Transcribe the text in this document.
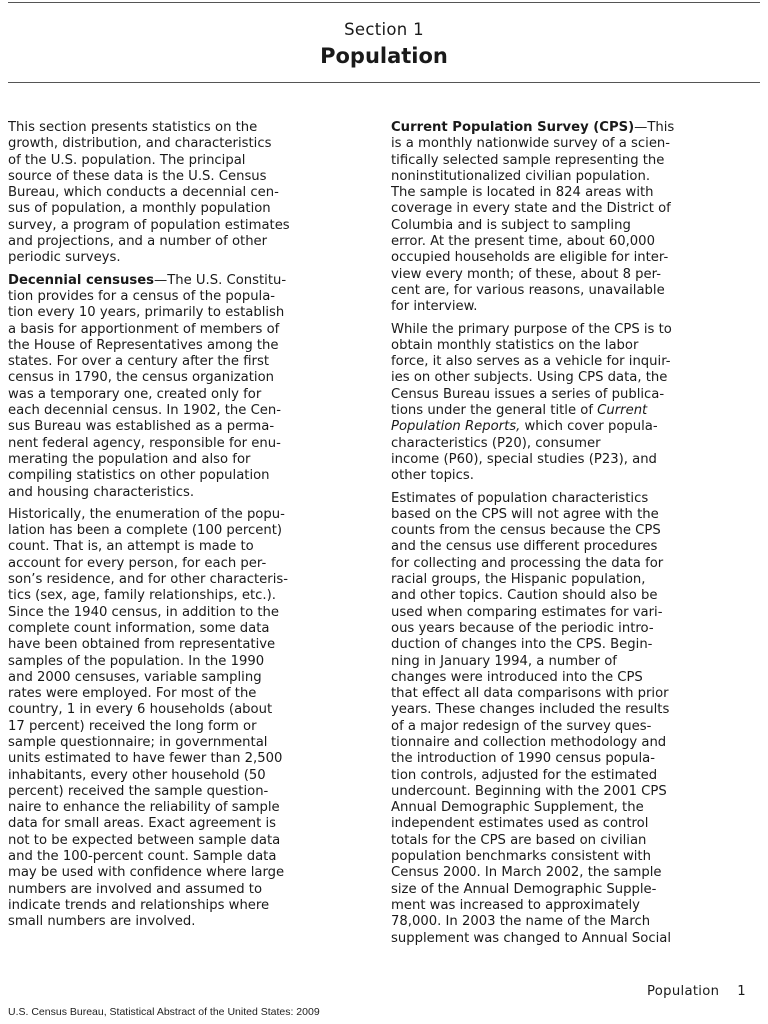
Section 1
Population
This section presents statistics on the
growth, distribution, and characteristics
of the U.S. population. The principal
source of these data is the U.S. Census
Bureau, which conducts a decennial cen-
sus of population, a monthly population
survey, a program of population estimates
and projections, and a number of other
periodic surveys.
Decennial censuses—The U.S. Constitu-
tion provides for a census of the popula-
tion every 10 years, primarily to establish
a basis for apportionment of members of
the House of Representatives among the
states. For over a century after the first
census in 1790, the census organization
was a temporary one, created only for
each decennial census. In 1902, the Cen-
sus Bureau was established as a perma-
nent federal agency, responsible for enu-
merating the population and also for
compiling statistics on other population
and housing characteristics.
Historically, the enumeration of the popu-
lation has been a complete (100 percent)
count. That is, an attempt is made to
account for every person, for each per-
son’s residence, and for other characteris-
tics (sex, age, family relationships, etc.).
Since the 1940 census, in addition to the
complete count information, some data
have been obtained from representative
samples of the population. In the 1990
and 2000 censuses, variable sampling
rates were employed. For most of the
country, 1 in every 6 households (about
17 percent) received the long form or
sample questionnaire; in governmental
units estimated to have fewer than 2,500
inhabitants, every other household (50
percent) received the sample question-
naire to enhance the reliability of sample
data for small areas. Exact agreement is
not to be expected between sample data
and the 100-percent count. Sample data
may be used with confidence where large
numbers are involved and assumed to
indicate trends and relationships where
small numbers are involved.
Current Population Survey (CPS)—This
is a monthly nationwide survey of a scien-
tifically selected sample representing the
noninstitutionalized civilian population.
The sample is located in 824 areas with
coverage in every state and the District of
Columbia and is subject to sampling
error. At the present time, about 60,000
occupied households are eligible for inter-
view every month; of these, about 8 per-
cent are, for various reasons, unavailable
for interview.
While the primary purpose of the CPS is to
obtain monthly statistics on the labor
force, it also serves as a vehicle for inquir-
ies on other subjects. Using CPS data, the
Census Bureau issues a series of publica-
tions under the general title of Current
Population Reports, which cover popula-
characteristics (P20), consumer
income (P60), special studies (P23), and
other topics.
Estimates of population characteristics
based on the CPS will not agree with the
counts from the census because the CPS
and the census use different procedures
for collecting and processing the data for
racial groups, the Hispanic population,
and other topics. Caution should also be
used when comparing estimates for vari-
ous years because of the periodic intro-
duction of changes into the CPS. Begin-
ning in January 1994, a number of
changes were introduced into the CPS
that effect all data comparisons with prior
years. These changes included the results
of a major redesign of the survey ques-
tionnaire and collection methodology and
the introduction of 1990 census popula-
tion controls, adjusted for the estimated
undercount. Beginning with the 2001 CPS
Annual Demographic Supplement, the
independent estimates used as control
totals for the CPS are based on civilian
population benchmarks consistent with
Census 2000. In March 2002, the sample
size of the Annual Demographic Supple-
ment was increased to approximately
78,000. In 2003 the name of the March
supplement was changed to Annual Social
Population 1
U.S. Census Bureau, Statistical Abstract of the United States: 2009
